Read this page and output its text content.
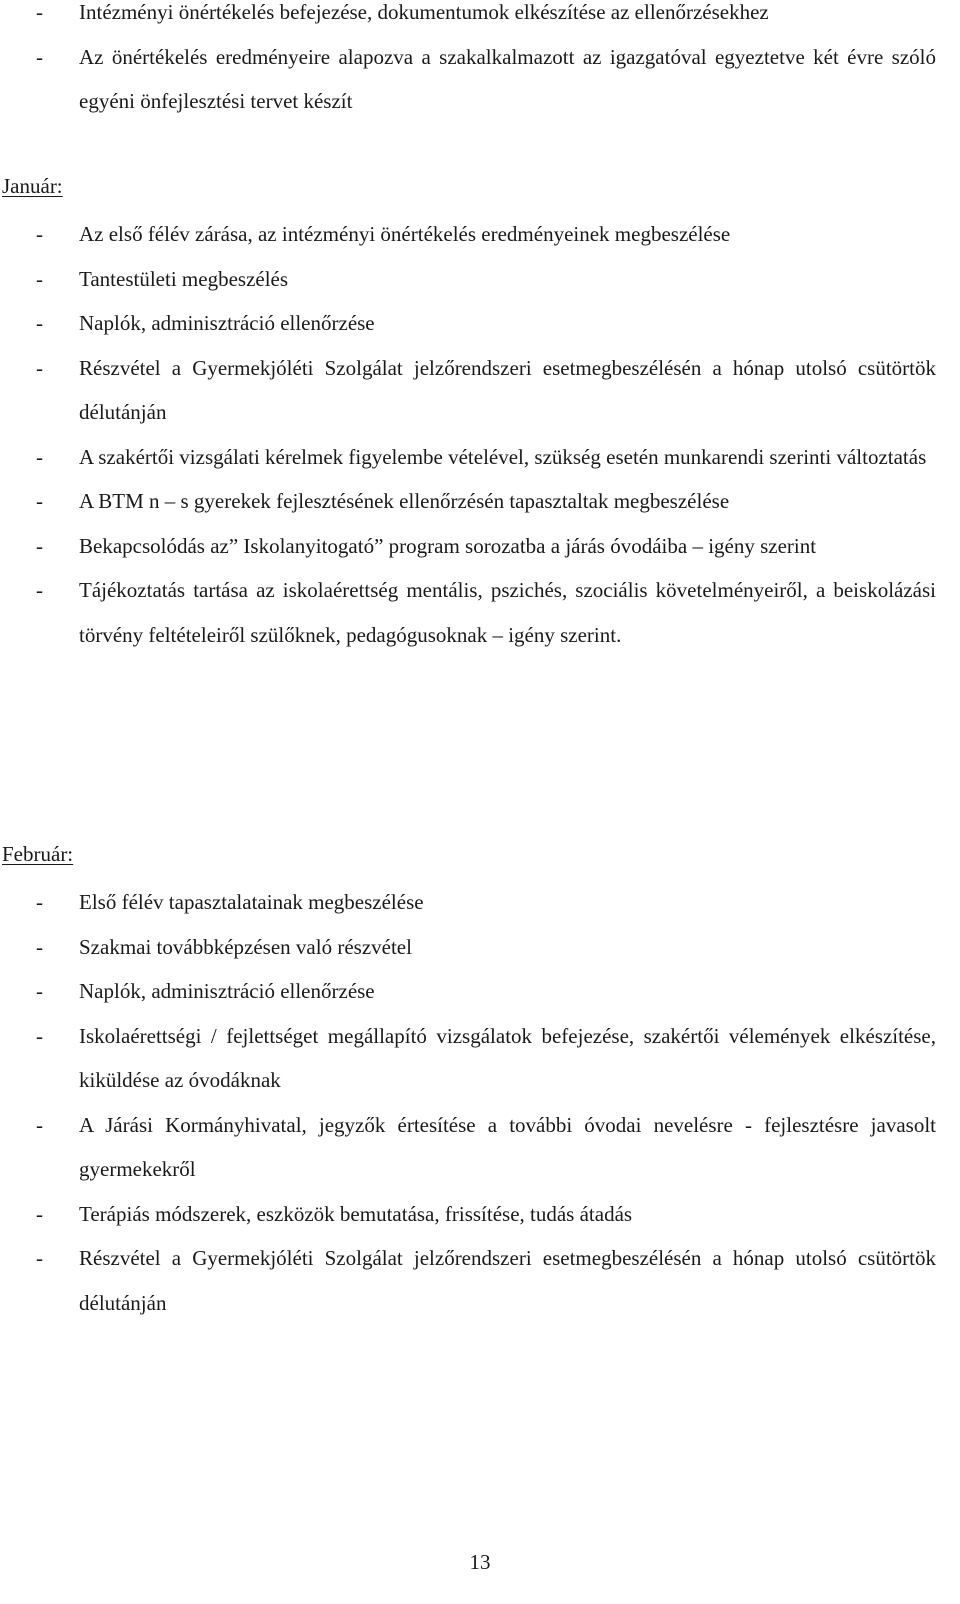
- Intézményi önértékelés befejezése, dokumentumok elkészítése az ellenőrzésekhez
- Az önértékelés eredményeire alapozva a szakalkalmazott az igazgatóval egyeztetve két évre szóló egyéni önfejlesztési tervet készít
Január:
- Az első félév zárása, az intézményi önértékelés eredményeinek megbeszélése
- Tantestületi megbeszélés
- Naplók, adminisztráció ellenőrzése
- Részvétel a Gyermekjóléti Szolgálat jelzőrendszeri esetmegbeszélésén a hónap utolsó csütörtök délutánján
- A szakértői vizsgálati kérelmek figyelembe vételével, szükség esetén munkarendi szerinti változtatás
- A BTM n – s gyerekek fejlesztésének ellenőrzésén tapasztaltak megbeszélése
- Bekapcsolódás az” Iskolanyitogató” program sorozatba a járás óvodáiba – igény szerint
- Tájékoztatás tartása az iskolaérettség mentális, pszichés, szociális követelményeiről, a beiskolázási törvény feltételeiről szülőknek, pedagógusoknak – igény szerint.
Február:
- Első félév tapasztalatainak megbeszélése
- Szakmai továbbképzésen való részvétel
- Naplók, adminisztráció ellenőrzése
- Iskolaérettségi / fejlettséget megállapító vizsgálatok befejezése, szakértői vélemények elkészítése, kiküldése az óvodáknak
- A Járási Kormányhivatal, jegyzők értesítése a további óvodai nevelésre - fejlesztésre javasolt gyermekekről
- Terápiás módszerek, eszközök bemutatása, frissítése, tudás átadás
- Részvétel a Gyermekjóléti Szolgálat jelzőrendszeri esetmegbeszélésén a hónap utolsó csütörtök délutánján
13
